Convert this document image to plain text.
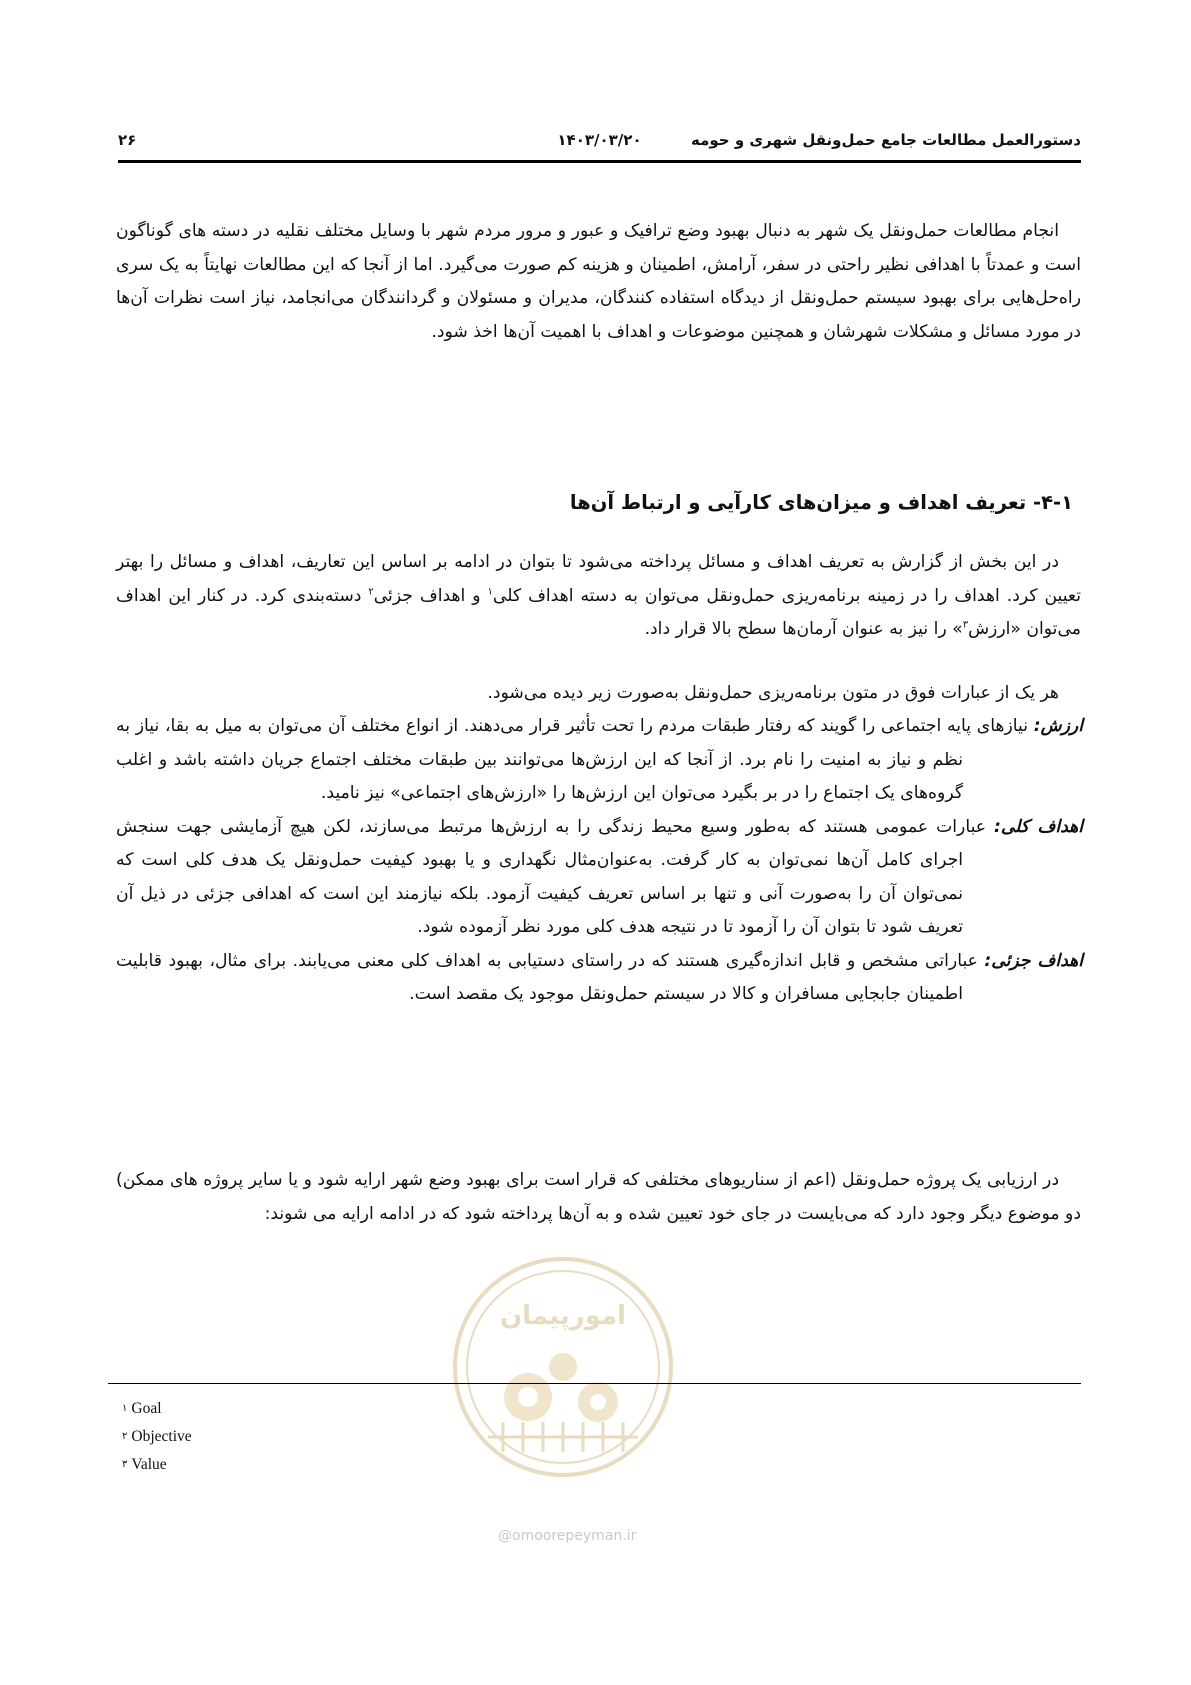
دستورالعمل مطالعات جامع حمل‌ونقل شهری و حومه
۱۴۰۳/۰۳/۲۰
۲۶

انجام مطالعات حمل‌ونقل یک شهر به دنبال بهبود وضع ترافیک و عبور و مرور مردم شهر با وسایل مختلف نقلیه در دسته های گوناگون است و عمدتاً با اهدافی نظیر راحتی در سفر، آرامش، اطمینان و هزینه کم صورت می‌گیرد. اما از آنجا که این مطالعات نهایتاً به یک سری راه‌حل‌هایی برای بهبود سیستم حمل‌ونقل از دیدگاه استفاده کنندگان، مدیران و مسئولان و گردانندگان می‌انجامد، نیاز است نظرات آن‌ها در مورد مسائل و مشکلات شهرشان و همچنین موضوعات و اهداف با اهمیت آن‌ها اخذ شود.

۴-۱- تعریف اهداف و میزان‌های کارآیی و ارتباط آن‌ها

در این بخش از گزارش به تعریف اهداف و مسائل پرداخته می‌شود تا بتوان در ادامه بر اساس این تعاریف، اهداف و مسائل را بهتر تعیین کرد. اهداف را در زمینه برنامه‌ریزی حمل‌ونقل می‌توان به دسته اهداف کلی$^۱$ و اهداف جزئی$^۲$ دسته‌بندی کرد. در کنار این اهداف می‌توان «ارزش$^۳$» را نیز به عنوان آرمان‌ها سطح بالا قرار داد.

هر یک از عبارات فوق در متون برنامه‌ریزی حمل‌ونقل به‌صورت زیر دیده می‌شود.

ارزش: نیازهای پایه اجتماعی را گویند که رفتار طبقات مردم را تحت تأثیر قرار می‌دهند. از انواع مختلف آن می‌توان به میل به بقا، نیاز به نظم و نیاز به امنیت را نام برد. از آنجا که این ارزش‌ها می‌توانند بین طبقات مختلف اجتماع جریان داشته باشد و اغلب گروه‌های یک اجتماع را در بر بگیرد می‌توان این ارزش‌ها را «ارزش‌های اجتماعی» نیز نامید.
اهداف کلی: عبارات عمومی هستند که به‌طور وسیع محیط زندگی را به ارزش‌ها مرتبط می‌سازند، لکن هیچ آزمایشی جهت سنجش اجرای کامل آن‌ها نمی‌توان به کار گرفت. به‌عنوان‌مثال نگهداری و یا بهبود کیفیت حمل‌ونقل یک هدف کلی است که نمی‌توان آن را به‌صورت آنی و تنها بر اساس تعریف کیفیت آزمود. بلکه نیازمند این است که اهدافی جزئی در ذیل آن تعریف شود تا بتوان آن را آزمود تا در نتیجه هدف کلی مورد نظر آزموده شود.
اهداف جزئی: عباراتی مشخص و قابل اندازه‌گیری هستند که در راستای دستیابی به اهداف کلی معنی می‌یابند. برای مثال، بهبود قابلیت اطمینان جابجایی مسافران و کالا در سیستم حمل‌ونقل موجود یک مقصد است.

در ارزیابی یک پروژه حمل‌ونقل (اعم از سناریوهای مختلفی که قرار است برای بهبود وضع شهر ارایه شود و یا سایر پروژه های ممکن) دو موضوع دیگر وجود دارد که می‌بایست در جای خود تعیین شده و به آن‌ها پرداخته شود که در ادامه ارایه می شوند:

امورپیمان
@omoorepeyman.ir
$^۱$ Goal
$^۲$ Objective
$^۳$ Value
